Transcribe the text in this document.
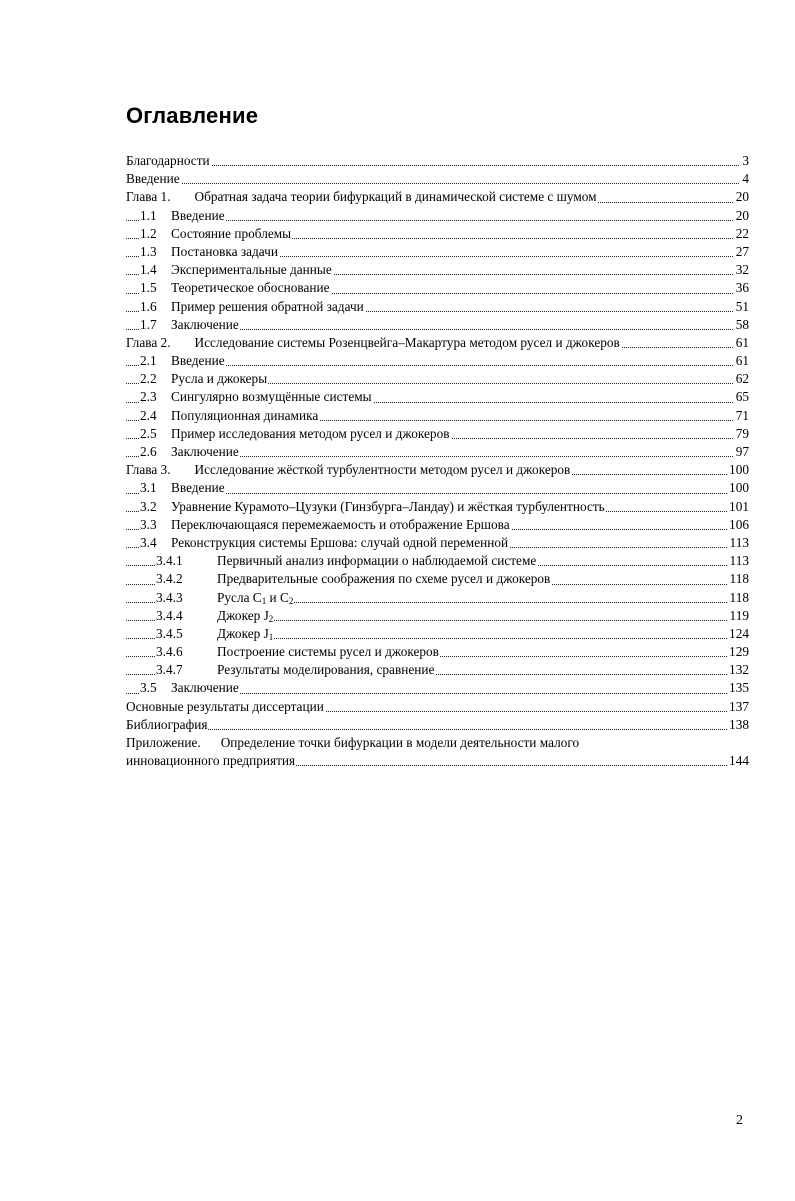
Оглавление
Благодарности	3
Введение	4
Глава 1. Обратная задача теории бифуркаций в динамической системе с шумом	20
1.1 Введение	20
1.2 Состояние проблемы	22
1.3 Постановка задачи	27
1.4 Экспериментальные данные	32
1.5 Теоретическое обоснование	36
1.6 Пример решения обратной задачи	51
1.7 Заключение	58
Глава 2. Исследование системы Розенцвейга–Макартура методом русел и джокеров	61
2.1 Введение	61
2.2 Русла и джокеры	62
2.3 Сингулярно возмущённые системы	65
2.4 Популяционная динамика	71
2.5 Пример исследования методом русел и джокеров	79
2.6 Заключение	97
Глава 3. Исследование жёсткой турбулентности методом русел и джокеров	100
3.1 Введение	100
3.2 Уравнение Курамото–Цузуки (Гинзбурга–Ландау) и жёсткая турбулентность	101
3.3 Переключающаяся перемежаемость и отображение Ершова	106
3.4 Реконструкция системы Ершова: случай одной переменной	113
3.4.1	Первичный анализ информации о наблюдаемой системе	113
3.4.2	Предварительные соображения по схеме русел и джокеров	118
3.4.3	Русла $C_1$ и $C_2$	118
3.4.4	Джокер $J_2$	119
3.4.5	Джокер $J_1$	124
3.4.6	Построение системы русел и джокеров	129
3.4.7	Результаты моделирования, сравнение	132
3.5 Заключение	135
Основные результаты диссертации	137
Библиография	138
Приложение. Определение точки бифуркации в модели деятельности малого
инновационного предприятия	144
2
